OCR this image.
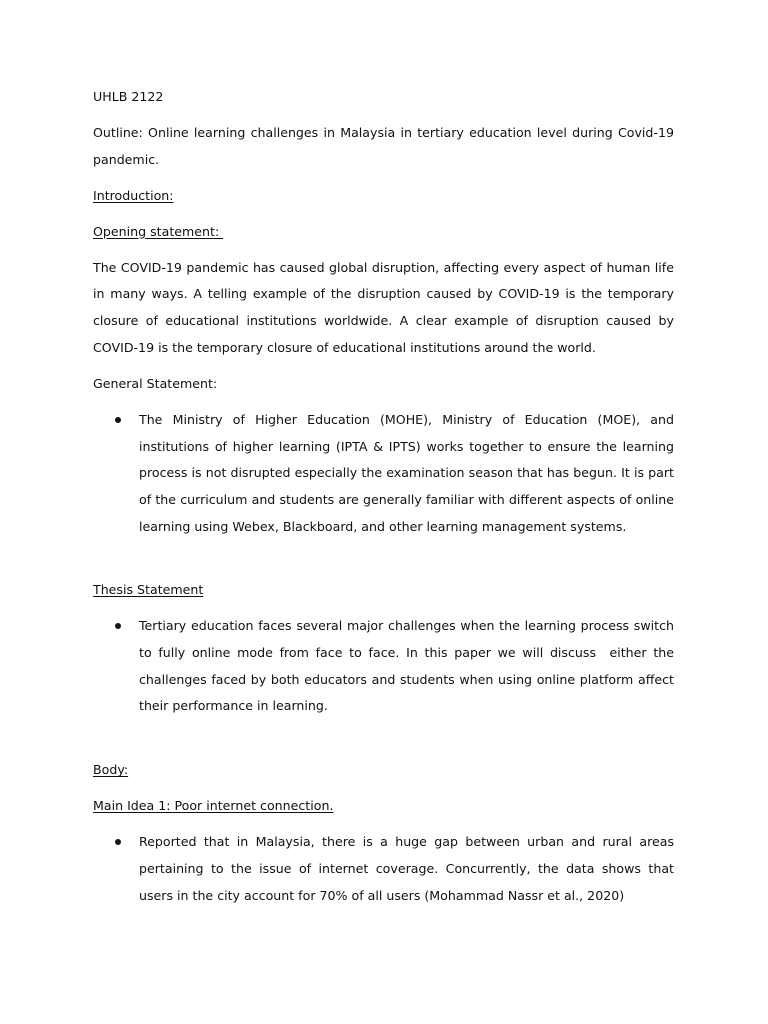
UHLB 2122

Outline: Online learning challenges in Malaysia in tertiary education level during Covid-19 pandemic.

Introduction:

Opening statement:

The COVID-19 pandemic has caused global disruption, affecting every aspect of human life in many ways. A telling example of the disruption caused by COVID-19 is the temporary closure of educational institutions worldwide. A clear example of disruption caused by COVID-19 is the temporary closure of educational institutions around the world.

General Statement:

The Ministry of Higher Education (MOHE), Ministry of Education (MOE), and institutions of higher learning (IPTA & IPTS) works together to ensure the learning process is not disrupted especially the examination season that has begun. It is part of the curriculum and students are generally familiar with different aspects of online learning using Webex, Blackboard, and other learning management systems.

Thesis Statement

Tertiary education faces several major challenges when the learning process switch to fully online mode from face to face. In this paper we will discuss  either the challenges faced by both educators and students when using online platform affect their performance in learning.

Body:

Main Idea 1: Poor internet connection.

Reported that in Malaysia, there is a huge gap between urban and rural areas pertaining to the issue of internet coverage. Concurrently, the data shows that users in the city account for 70% of all users (Mohammad Nassr et al., 2020)
